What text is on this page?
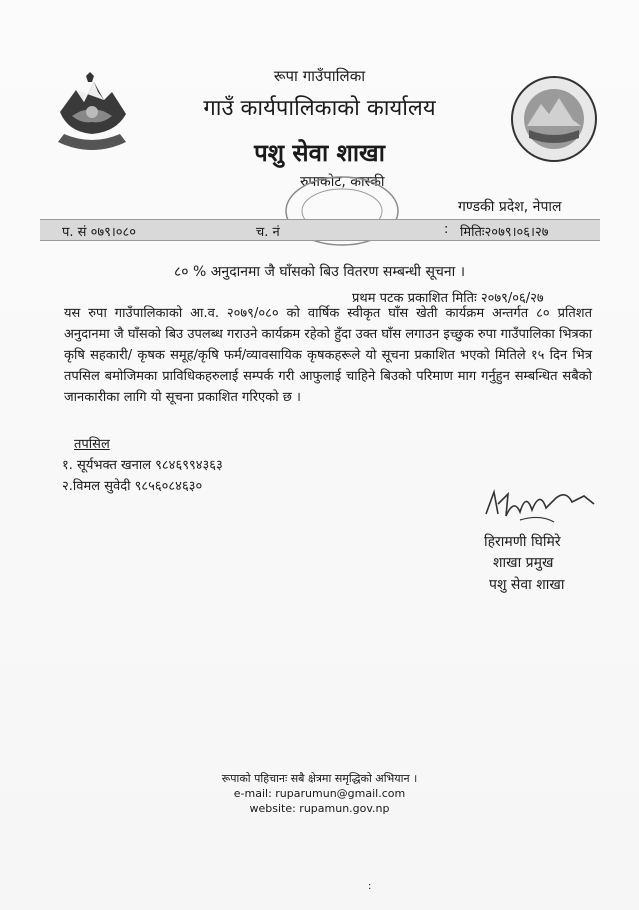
रूपा गाउँपालिका
गाउँ कार्यपालिकाको कार्यालय
पशु सेवा शाखा
रुपाकोट, कास्की
गण्डकी प्रदेश, नेपाल
प. सं ०७९।०८०	च. नं	: मितिः२०७९।०६।२७
८० % अनुदानमा जै घाँसको बिउ वितरण सम्बन्धी सूचना ।
प्रथम पटक प्रकाशित मितिः २०७९/०६/२७
यस रुपा गाउँपालिकाको आ.व. २०७९/०८० को वार्षिक स्वीकृत घाँस खेती कार्यक्रम अन्तर्गत ८० प्रतिशत अनुदानमा जै घाँसको बिउ उपलब्ध गराउने कार्यक्रम रहेको हुँदा उक्त घाँस लगाउन इच्छुक रुपा गाउँपालिका भित्रका कृषि सहकारी/ कृषक समूह/कृषि फर्म/व्यावसायिक कृषकहरूले यो सूचना प्रकाशित भएको मितिले १५ दिन भित्र तपसिल बमोजिमका प्राविधिकहरुलाई सम्पर्क गरी आफुलाई चाहिने बिउको परिमाण माग गर्नुहुन सम्बन्धित सबैको जानकारीका लागि यो सूचना प्रकाशित गरिएको छ ।
तपसिल
१. सूर्यभक्त खनाल ९८४६९९४३६३
२.विमल सुवेदी ९८५६०८४६३०
हिरामणी घिमिरे
शाखा प्रमुख
पशु सेवा शाखा
रूपाको पहिचानः सबै क्षेत्रमा समृद्धिको अभियान ।
e-mail: ruparumun@gmail.com
website: rupamun.gov.np
:
